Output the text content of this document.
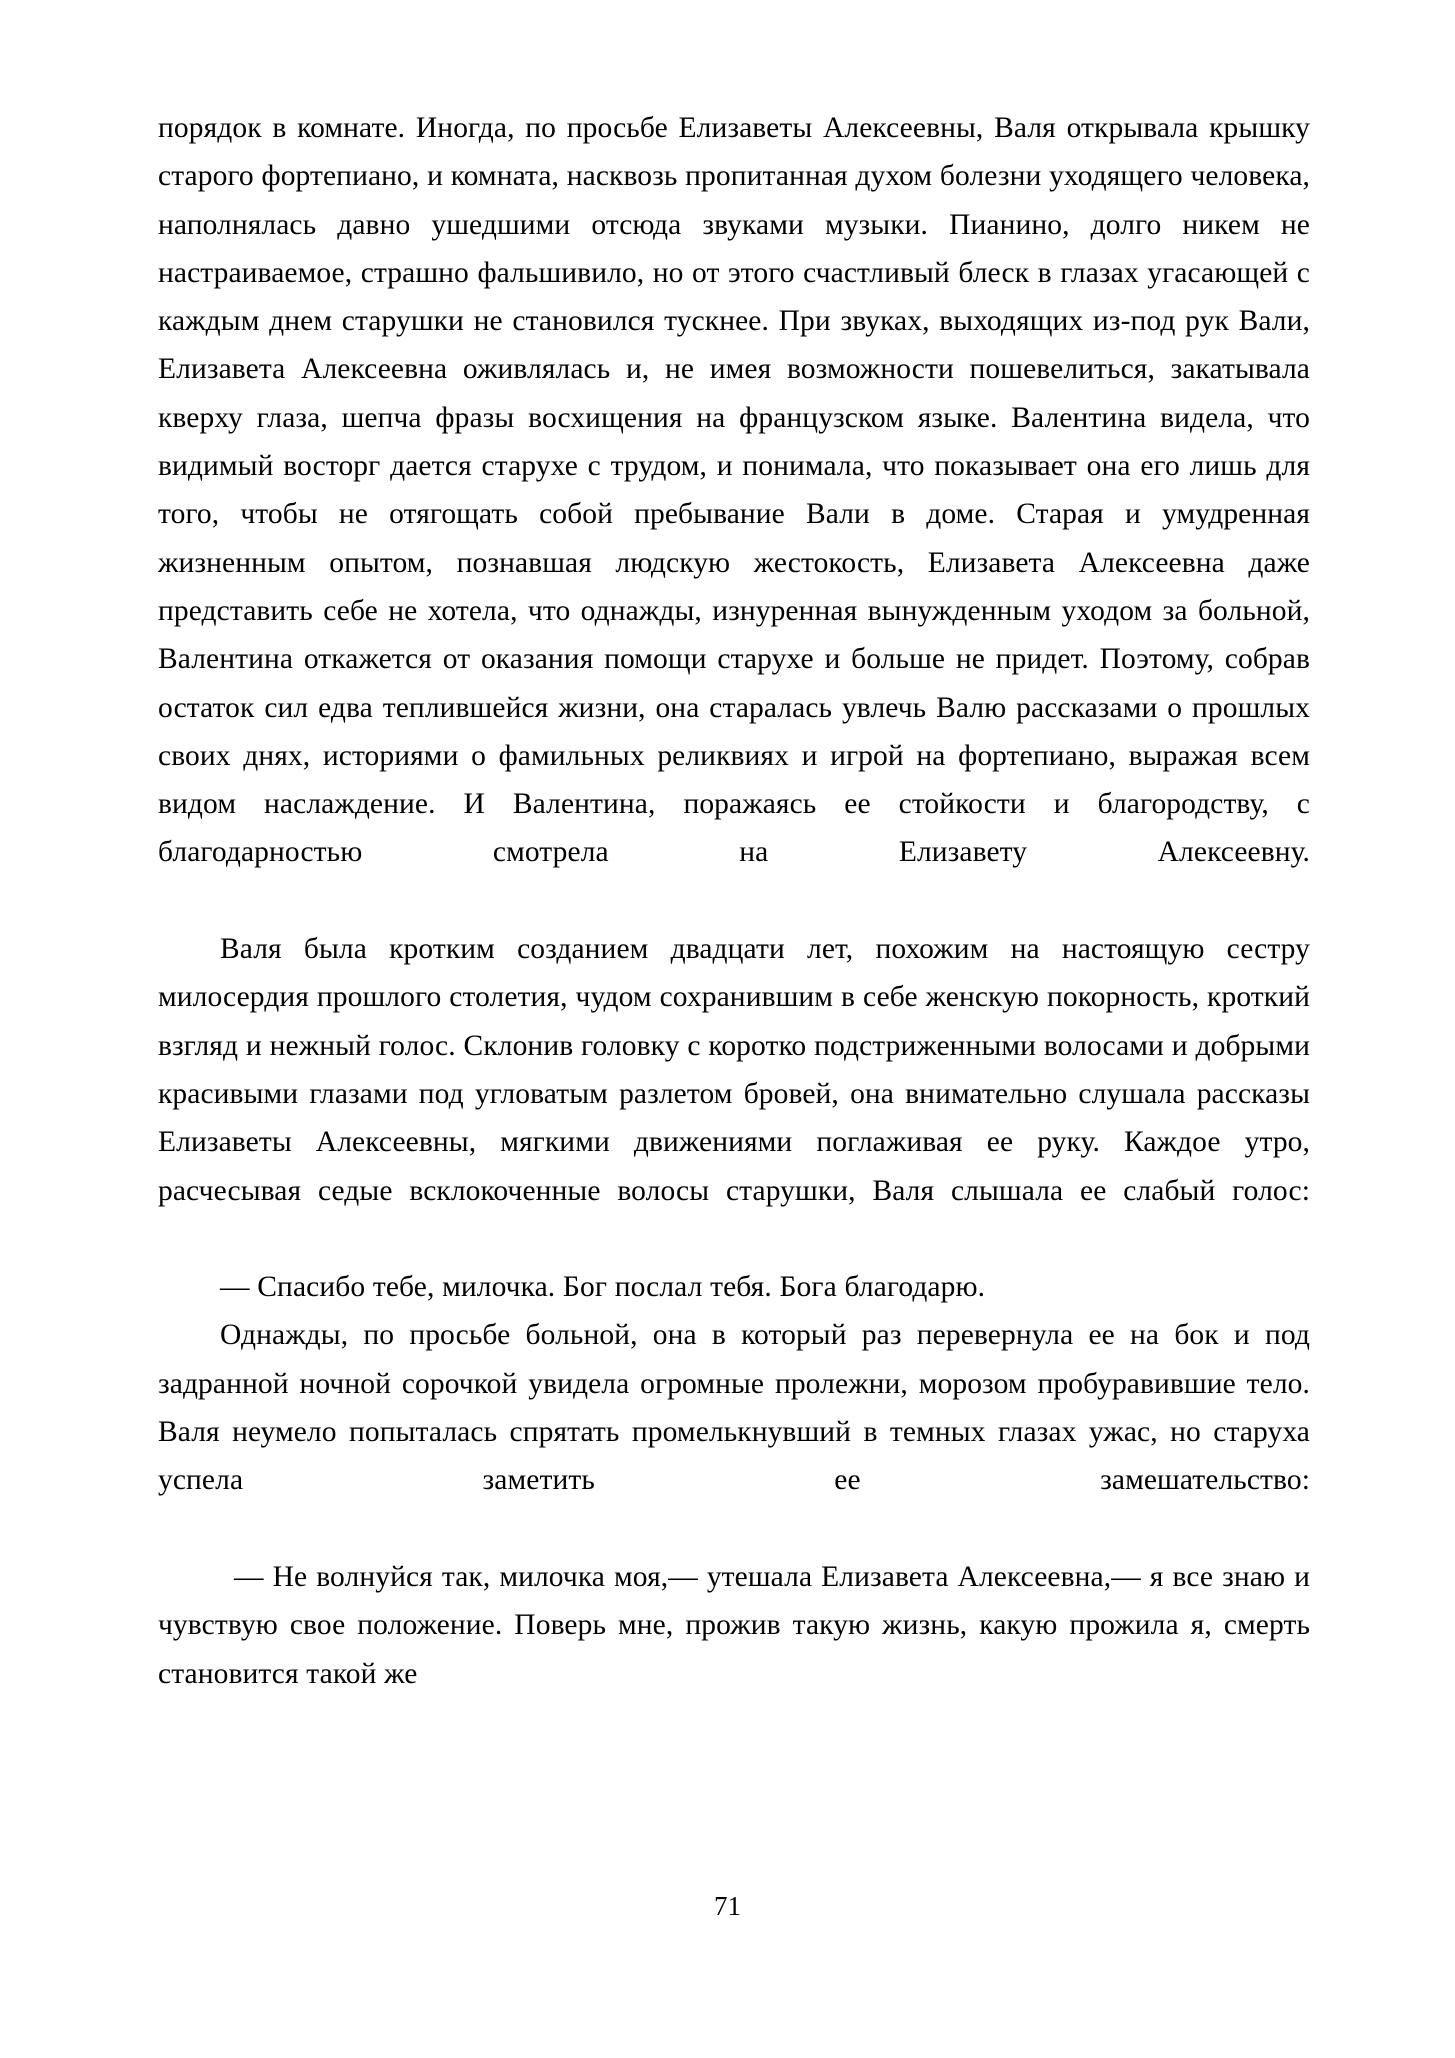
порядок в комнате. Иногда, по просьбе Елизаветы Алексеевны, Валя открывала крышку старого фортепиано, и комната, насквозь пропитанная духом болезни уходящего человека, наполнялась давно ушедшими отсюда звуками музыки. Пианино, долго никем не настраиваемое, страшно фальшивило, но от этого счастливый блеск в глазах угасающей с каждым днем старушки не становился тускнее. При звуках, выходящих из-под рук Вали, Елизавета Алексеевна оживлялась и, не имея возможности пошевелиться, закатывала кверху глаза, шепча фразы восхищения на французском языке. Валентина видела, что видимый восторг дается старухе с трудом, и понимала, что показывает она его лишь для того, чтобы не отягощать собой пребывание Вали в доме. Старая и умудренная жизненным опытом, познавшая людскую жестокость, Елизавета Алексеевна даже представить себе не хотела, что однажды, изнуренная вынужденным уходом за больной, Валентина откажется от оказания помощи старухе и больше не придет. Поэтому, собрав остаток сил едва теплившейся жизни, она старалась увлечь Валю рассказами о прошлых своих днях, историями о фамильных реликвиях и игрой на фортепиано, выражая всем видом наслаждение. И Валентина, поражаясь ее стойкости и благородству, с благодарностью смотрела на Елизавету Алексеевну.

Валя была кротким созданием двадцати лет, похожим на настоящую сестру милосердия прошлого столетия, чудом сохранившим в себе женскую покорность, кроткий взгляд и нежный голос. Склонив головку с коротко подстриженными волосами и добрыми красивыми глазами под угловатым разлетом бровей, она внимательно слушала рассказы Елизаветы Алексеевны, мягкими движениями поглаживая ее руку. Каждое утро, расчесывая седые всклокоченные волосы старушки, Валя слышала ее слабый голос:

— Спасибо тебе, милочка. Бог послал тебя. Бога благодарю.

Однажды, по просьбе больной, она в который раз перевернула ее на бок и под задранной ночной сорочкой увидела огромные пролежни, морозом пробуравившие тело. Валя неумело попыталась спрятать промелькнувший в темных глазах ужас, но старуха успела заметить ее замешательство:

— Не волнуйся так, милочка моя,— утешала Елизавета Алексеевна,— я все знаю и чувствую свое положение. Поверь мне, прожив такую жизнь, какую прожила я, смерть становится такой же

71
